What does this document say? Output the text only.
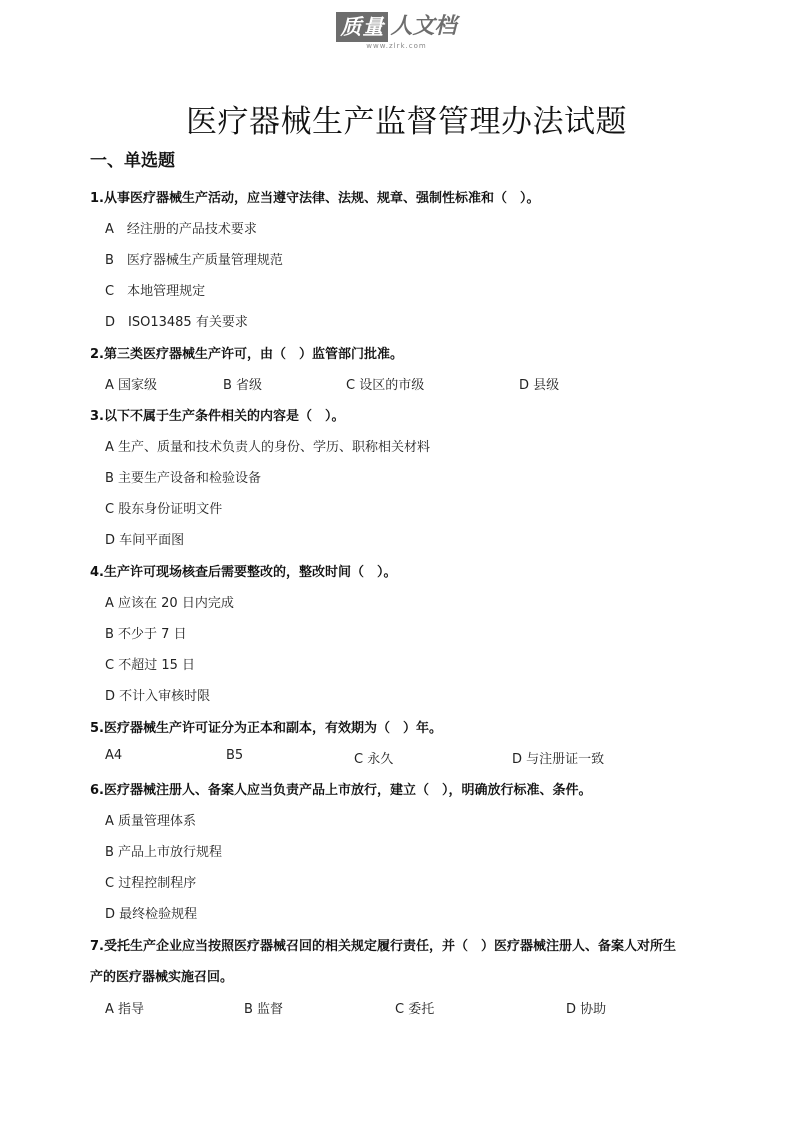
质量 人文档
www.zlrk.com
医疗器械生产监督管理办法试题
一、单选题
1.从事医疗器械生产活动，应当遵守法律、法规、规章、强制性标准和（　）。
A　经注册的产品技术要求
B　医疗器械生产质量管理规范
C　本地管理规定
D　ISO13485 有关要求
2.第三类医疗器械生产许可，由（　）监管部门批准。
A 国家级	B 省级	C 设区的市级	D 县级
3.以下不属于生产条件相关的内容是（　）。
A 生产、质量和技术负责人的身份、学历、职称相关材料
B 主要生产设备和检验设备
C 股东身份证明文件
D 车间平面图
4.生产许可现场核查后需要整改的，整改时间（　）。
A 应该在 20 日内完成
B 不少于 7 日
C 不超过 15 日
D 不计入审核时限
5.医疗器械生产许可证分为正本和副本，有效期为（　）年。
A4	B5	C 永久	D 与注册证一致
6.医疗器械注册人、备案人应当负责产品上市放行，建立（　），明确放行标准、条件。
A 质量管理体系
B 产品上市放行规程
C 过程控制程序
D 最终检验规程
7.受托生产企业应当按照医疗器械召回的相关规定履行责任，并（　）医疗器械注册人、备案人对所生
产的医疗器械实施召回。
A 指导	B 监督	C 委托	D 协助
